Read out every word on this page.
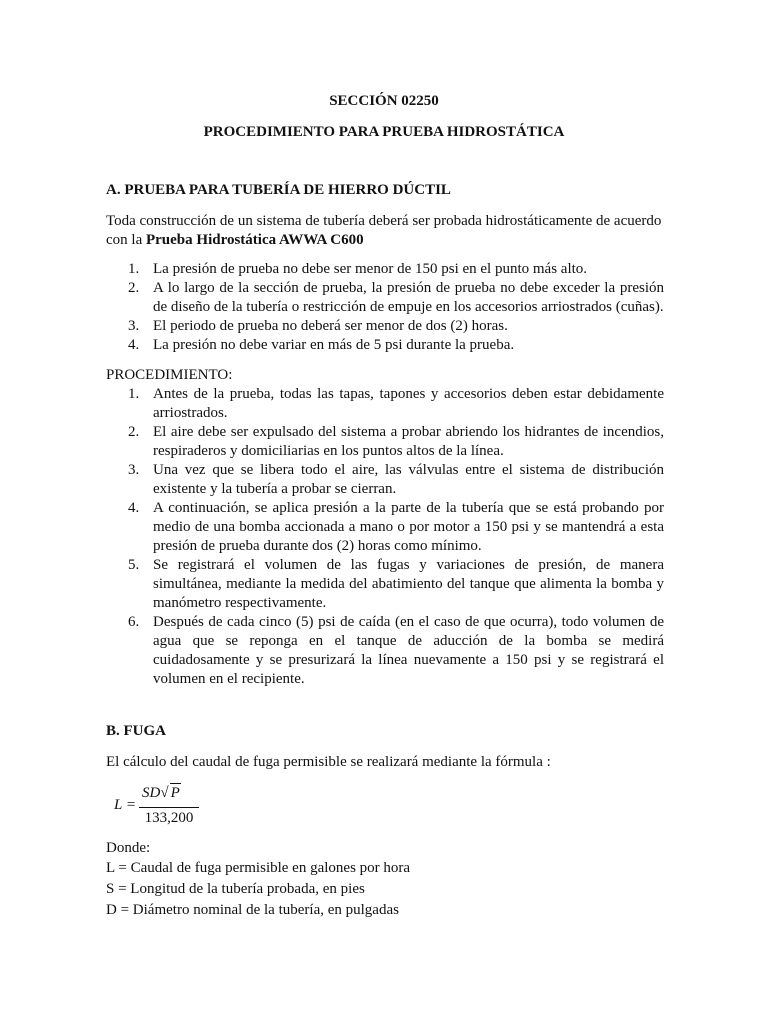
SECCIÓN 02250
PROCEDIMIENTO PARA PRUEBA HIDROSTÁTICA
A. PRUEBA PARA TUBERÍA DE HIERRO DÚCTIL
Toda construcción de un sistema de tubería deberá ser probada hidrostáticamente de acuerdo
con la Prueba Hidrostática AWWA C600
1. La presión de prueba no debe ser menor de 150 psi en el punto más alto.
2. A lo largo de la sección de prueba, la presión de prueba no debe exceder la presión de diseño de la tubería o restricción de empuje en los accesorios arriostrados (cuñas).
3. El periodo de prueba no deberá ser menor de dos (2) horas.
4. La presión no debe variar en más de 5 psi durante la prueba.
PROCEDIMIENTO:
1. Antes de la prueba, todas las tapas, tapones y accesorios deben estar debidamente arriostrados.
2. El aire debe ser expulsado del sistema a probar abriendo los hidrantes de incendios, respiraderos y domiciliarias en los puntos altos de la línea.
3. Una vez que se libera todo el aire, las válvulas entre el sistema de distribución existente y la tubería a probar se cierran.
4. A continuación, se aplica presión a la parte de la tubería que se está probando por medio de una bomba accionada a mano o por motor a 150 psi y se mantendrá a esta presión de prueba durante dos (2) horas como mínimo.
5. Se registrará el volumen de las fugas y variaciones de presión, de manera simultánea, mediante la medida del abatimiento del tanque que alimenta la bomba y manómetro respectivamente.
6. Después de cada cinco (5) psi de caída (en el caso de que ocurra), todo volumen de agua que se reponga en el tanque de aducción de la bomba se medirá cuidadosamente y se presurizará la línea nuevamente a 150 psi y se registrará el volumen en el recipiente.
B. FUGA
El cálculo del caudal de fuga permisible se realizará mediante la fórmula :
L =
SD√ P
133,200
Donde:
L = Caudal de fuga permisible en galones por hora
S = Longitud de la tubería probada, en pies
D = Diámetro nominal de la tubería, en pulgadas
